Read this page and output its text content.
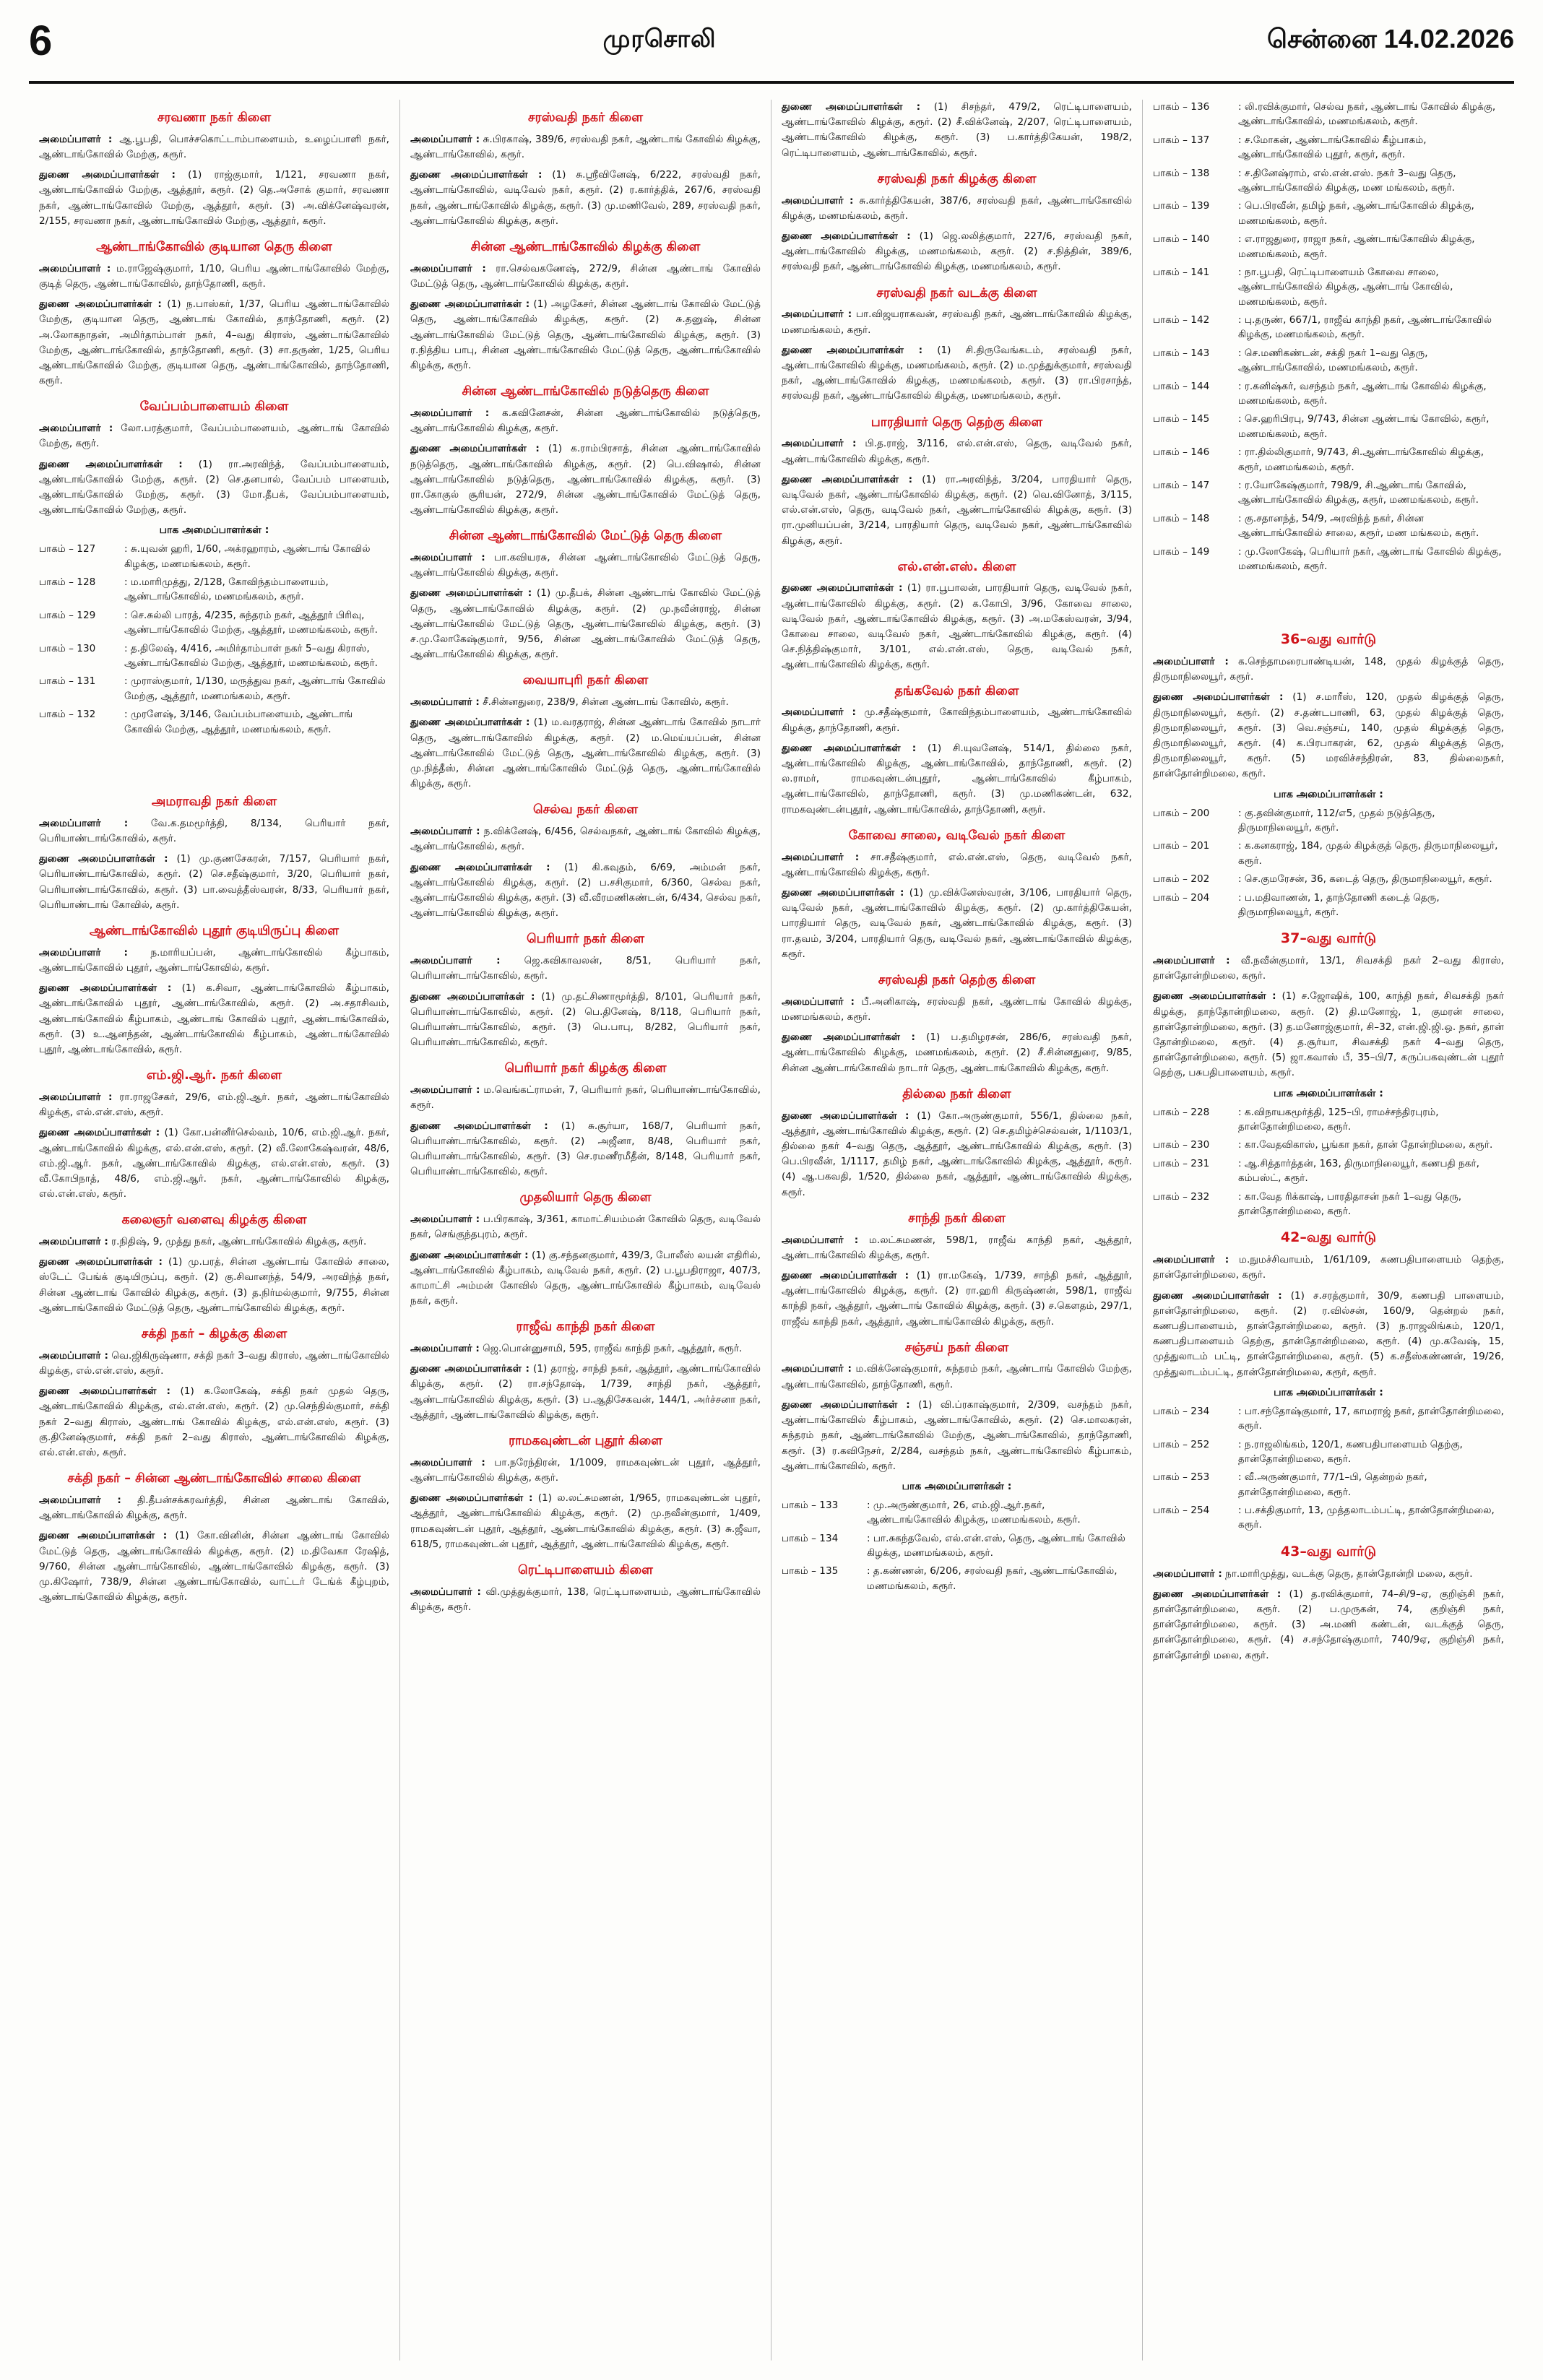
6	முரசொலி	சென்னை 14.02.2026
சரவணா நகர் கிளை

அமைப்பாளர் : ஆ.பூபதி, பொச்சகொட்டாம்பாளையம், உழைப்பாளி நகர், ஆண்டாங்கோவில் மேற்கு, கரூர்.

துணை அமைப்பாளர்கள் : (1) ராஜ்குமார், 1/121, சரவணா நகர், ஆண்டாங்கோவில் மேற்கு, ஆத்தூர், கரூர். (2) தெ.அசோக் குமார், சரவணா நகர், ஆண்டாங்கோவில் மேற்கு, ஆத்தூர், கரூர். (3) அ.விக்னேஷ்வரன், 2/155, சரவணா நகர், ஆண்டாங்கோவில் மேற்கு, ஆத்தூர், கரூர்.

ஆண்டாங்கோவில் குடியான தெரு கிளை

அமைப்பாளர் : ம.ராஜேஷ்குமார், 1/10, பெரிய ஆண்டாங்கோவில் மேற்கு, குடித் தெரு, ஆண்டாங்கோவில், தாந்தோணி, கரூர்.

துணை அமைப்பாளர்கள் : (1) ந.பாஸ்கர், 1/37, பெரிய ஆண்டாங்கோவில் மேற்கு, குடியான தெரு, ஆண்டாங் கோவில், தாந்தோணி, கரூர். (2) அ.லோகநாதன், அமிர்தாம்பாள் நகர், 4–வது கிராஸ், ஆண்டாங்கோவில் மேற்கு, ஆண்டாங்கோவில், தாந்தோணி, கரூர். (3) சா.தருண், 1/25, பெரிய ஆண்டாங்கோவில் மேற்கு, குடியான தெரு, ஆண்டாங்கோவில், தாந்தோணி, கரூர்.

வேப்பம்பாளையம் கிளை

அமைப்பாளர் : லோ.பரத்குமார், வேப்பம்பாளையம், ஆண்டாங் கோவில் மேற்கு, கரூர்.

துணை அமைப்பாளர்கள் : (1) ரா.அரவிந்த், வேப்பம்பாளையம், ஆண்டாங்கோவில் மேற்கு, கரூர். (2) செ.தனபால், வேப்பம் பாளையம், ஆண்டாங்கோவில் மேற்கு, கரூர். (3) மோ.தீபக், வேப்பம்பாளையம், ஆண்டாங்கோவில் மேற்கு, கரூர்.

பாக அமைப்பாளர்கள் :
பாகம் – 127	: சு.யுவன் ஹரி, 1/60, அக்ரஹாரம், ஆண்டாங் கோவில் கிழக்கு, மணமங்கலம், கரூர்.
பாகம் – 128	: ம.மாரிமுத்து, 2/128, கோவிந்தம்பாளையம், ஆண்டாங்கோவில், மணமங்கலம், கரூர்.
பாகம் – 129	: செ.சுல்லி பாரத், 4/235, சுந்தரம் நகர், ஆத்தூர் பிரிவு, ஆண்டாங்கோவில் மேற்கு, ஆத்தூர், மணமங்கலம், கரூர்.
பாகம் – 130	: த.திலேஷ், 4/416, அமிர்தாம்பாள் நகர் 5–வது கிராஸ், ஆண்டாங்கோவில் மேற்கு, ஆத்தூர், மணமங்கலம், கரூர்.
பாகம் – 131	: முராஸ்குமார், 1/130, மருத்துவ நகர், ஆண்டாங் கோவில் மேற்கு, ஆத்தூர், மணமங்கலம், கரூர்.
பாகம் – 132	: முரளேஷ், 3/146, வேப்பம்பாளையம், ஆண்டாங் கோவில் மேற்கு, ஆத்தூர், மணமங்கலம், கரூர்.
அமராவதி நகர் கிளை

அமைப்பாளர் : வே.க.தமமூர்த்தி, 8/134, பெரியார் நகர், பெரியாண்டாங்கோவில், கரூர்.

துணை அமைப்பாளர்கள் : (1) மு.குணசேகரன், 7/157, பெரியார் நகர், பெரியாண்டாங்கோவில், கரூர். (2) செ.சதீஷ்குமார், 3/20, பெரியார் நகர், பெரியாண்டாங்கோவில், கரூர். (3) பா.வைத்தீஸ்வரன், 8/33, பெரியார் நகர், பெரியாண்டாங் கோவில், கரூர்.

ஆண்டாங்கோவில் புதூர் குடியிருப்பு கிளை

அமைப்பாளர் : ந.மாரியப்பன், ஆண்டாங்கோவில் கீழ்பாகம், ஆண்டாங்கோவில் புதூர், ஆண்டாங்கோவில், கரூர்.

துணை அமைப்பாளர்கள் : (1) க.சிவா, ஆண்டாங்கோவில் கீழ்பாகம், ஆண்டாங்கோவில் புதூர், ஆண்டாங்கோவில், கரூர். (2) அ.சதாசிவம், ஆண்டாங்கோவில் கீழ்பாகம், ஆண்டாங் கோவில் புதூர், ஆண்டாங்கோவில், கரூர். (3) உ.ஆனந்தன், ஆண்டாங்கோவில் கீழ்பாகம், ஆண்டாங்கோவில் புதூர், ஆண்டாங்கோவில், கரூர்.

எம்.ஜி.ஆர். நகர் கிளை

அமைப்பாளர் : ரா.ராஜசேகர், 29/6, எம்.ஜி.ஆர். நகர், ஆண்டாங்கோவில் கிழக்கு, எல்.என்.எஸ், கரூர்.

துணை அமைப்பாளர்கள் : (1) கோ.பன்னீர்செல்வம், 10/6, எம்.ஜி.ஆர். நகர், ஆண்டாங்கோவில் கிழக்கு, எல்.என்.எஸ், கரூர். (2) வீ.லோகேஷ்வரன், 48/6, எம்.ஜி.ஆர். நகர், ஆண்டாங்கோவில் கிழக்கு, எல்.என்.எஸ், கரூர். (3) வீ.கோபிநாத், 48/6, எம்.ஜி.ஆர். நகர், ஆண்டாங்கோவில் கிழக்கு, எல்.என்.எஸ், கரூர்.

கலைஞர் வளைவு கிழக்கு கிளை

அமைப்பாளர் : ர.நிதிஷ், 9, முத்து நகர், ஆண்டாங்கோவில் கிழக்கு, கரூர்.

துணை அமைப்பாளர்கள் : (1) மு.பரத், சின்ன ஆண்டாங் கோவில் சாலை, ஸ்டேட் பேங்க் குடியிருப்பு, கரூர். (2) கு.சிவானந்த், 54/9, அரவிந்த் நகர், சின்ன ஆண்டாங் கோவில் கிழக்கு, கரூர். (3) த.நிர்மல்குமார், 9/755, சின்ன ஆண்டாங்கோவில் மேட்டுத் தெரு, ஆண்டாங்கோவில் கிழக்கு, கரூர்.

சக்தி நகர் – கிழக்கு கிளை

அமைப்பாளர் : வெ.ஜிகிருஷ்ணா, சக்தி நகர் 3–வது கிராஸ், ஆண்டாங்கோவில் கிழக்கு, எல்.என்.எஸ், கரூர்.

துணை அமைப்பாளர்கள் : (1) க.லோகேஷ், சக்தி நகர் முதல் தெரு, ஆண்டாங்கோவில் கிழக்கு, எல்.என்.எஸ், கரூர். (2) மு.செந்தில்குமார், சக்தி நகர் 2–வது கிராஸ், ஆண்டாங் கோவில் கிழக்கு, எல்.என்.எஸ், கரூர். (3) கு.தினேஷ்குமார், சக்தி நகர் 2–வது கிராஸ், ஆண்டாங்கோவில் கிழக்கு, எல்.என்.எஸ், கரூர்.

சக்தி நகர் – சின்ன ஆண்டாங்கோவில் சாலை கிளை

அமைப்பாளர் : தி.தீபன்சக்கரவர்த்தி, சின்ன ஆண்டாங் கோவில், ஆண்டாங்கோவில் கிழக்கு, கரூர்.

துணை அமைப்பாளர்கள் : (1) கோ.வினின், சின்ன ஆண்டாங் கோவில் மேட்டுத் தெரு, ஆண்டாங்கோவில் கிழக்கு, கரூர். (2) ம.திவேகா ரேஷித், 9/760, சின்ன ஆண்டாங்கோவில், ஆண்டாங்கோவில் கிழக்கு, கரூர். (3) மு.கிஷோர், 738/9, சின்ன ஆண்டாங்கோவில், வாட்டர் டேங்க் கீழ்புறம், ஆண்டாங்கோவில் கிழக்கு, கரூர்.

சரஸ்வதி நகர் கிளை

அமைப்பாளர் : சு.பிரகாஷ், 389/6, சரஸ்வதி நகர், ஆண்டாங் கோவில் கிழக்கு, ஆண்டாங்கோவில், கரூர்.

துணை அமைப்பாளர்கள் : (1) சு.ஸ்ரீவினேஷ், 6/222, சரஸ்வதி நகர், ஆண்டாங்கோவில், வடிவேல் நகர், கரூர். (2) ர.கார்த்திக், 267/6, சரஸ்வதி நகர், ஆண்டாங்கோவில் கிழக்கு, கரூர். (3) மு.மணிவேல், 289, சரஸ்வதி நகர், ஆண்டாங்கோவில் கிழக்கு, கரூர்.

சின்ன ஆண்டாங்கோவில் கிழக்கு கிளை

அமைப்பாளர் : ரா.செல்வகணேஷ், 272/9, சின்ன ஆண்டாங் கோவில் மேட்டுத் தெரு, ஆண்டாங்கோவில் கிழக்கு, கரூர்.

துணை அமைப்பாளர்கள் : (1) அழகேசர், சின்ன ஆண்டாங் கோவில் மேட்டுத் தெரு, ஆண்டாங்கோவில் கிழக்கு, கரூர். (2) சு.தனுஷ், சின்ன ஆண்டாங்கோவில் மேட்டுத் தெரு, ஆண்டாங்கோவில் கிழக்கு, கரூர். (3) ர.நித்திய பாபு, சின்ன ஆண்டாங்கோவில் மேட்டுத் தெரு, ஆண்டாங்கோவில் கிழக்கு, கரூர்.

சின்ன ஆண்டாங்கோவில் நடுத்தெரு கிளை

அமைப்பாளர் : க.கவினேசன், சின்ன ஆண்டாங்கோவில் நடுத்தெரு, ஆண்டாங்கோவில் கிழக்கு, கரூர்.

துணை அமைப்பாளர்கள் : (1) க.ராம்பிரசாத், சின்ன ஆண்டாங்கோவில் நடுத்தெரு, ஆண்டாங்கோவில் கிழக்கு, கரூர். (2) பெ.விஷால், சின்ன ஆண்டாங்கோவில் நடுத்தெரு, ஆண்டாங்கோவில் கிழக்கு, கரூர். (3) ரா.கோகுல் சூரியன், 272/9, சின்ன ஆண்டாங்கோவில் மேட்டுத் தெரு, ஆண்டாங்கோவில் கிழக்கு, கரூர்.

சின்ன ஆண்டாங்கோவில் மேட்டுத் தெரு கிளை

அமைப்பாளர் : பா.கவியரசு, சின்ன ஆண்டாங்கோவில் மேட்டுத் தெரு, ஆண்டாங்கோவில் கிழக்கு, கரூர்.

துணை அமைப்பாளர்கள் : (1) மு.தீபக், சின்ன ஆண்டாங் கோவில் மேட்டுத் தெரு, ஆண்டாங்கோவில் கிழக்கு, கரூர். (2) மு.நவீன்ராஜ், சின்ன ஆண்டாங்கோவில் மேட்டுத் தெரு, ஆண்டாங்கோவில் கிழக்கு, கரூர். (3) ச.மு.லோகேஷ்குமார், 9/56, சின்ன ஆண்டாங்கோவில் மேட்டுத் தெரு, ஆண்டாங்கோவில் கிழக்கு, கரூர்.

வையாபுரி நகர் கிளை

அமைப்பாளர் : சீ.சின்னதுரை, 238/9, சின்ன ஆண்டாங் கோவில், கரூர்.

துணை அமைப்பாளர்கள் : (1) ம.வரதராஜ், சின்ன ஆண்டாங் கோவில் நாடார் தெரு, ஆண்டாங்கோவில் கிழக்கு, கரூர். (2) ம.மெய்யப்பன், சின்ன ஆண்டாங்கோவில் மேட்டுத் தெரு, ஆண்டாங்கோவில் கிழக்கு, கரூர். (3) மு.நித்தீஸ், சின்ன ஆண்டாங்கோவில் மேட்டுத் தெரு, ஆண்டாங்கோவில் கிழக்கு, கரூர்.

செல்வ நகர் கிளை

அமைப்பாளர் : ந.விக்னேஷ், 6/456, செல்வநகர், ஆண்டாங் கோவில் கிழக்கு, ஆண்டாங்கோவில், கரூர்.

துணை அமைப்பாளர்கள் : (1) கி.கவுதம், 6/69, அம்மன் நகர், ஆண்டாங்கோவில் கிழக்கு, கரூர். (2) ப.சசிகுமார், 6/360, செல்வ நகர், ஆண்டாங்கோவில் கிழக்கு, கரூர். (3) வீ.வீரமணிகண்டன், 6/434, செல்வ நகர், ஆண்டாங்கோவில் கிழக்கு, கரூர்.

பெரியார் நகர் கிளை

அமைப்பாளர் : ஜெ.கவிகாவலன், 8/51, பெரியார் நகர், பெரியாண்டாங்கோவில், கரூர்.

துணை அமைப்பாளர்கள் : (1) மு.தட்சிணாமூர்த்தி, 8/101, பெரியார் நகர், பெரியாண்டாங்கோவில், கரூர். (2) பெ.தினேஷ், 8/118, பெரியார் நகர், பெரியாண்டாங்கோவில், கரூர். (3) பெ.பாபு, 8/282, பெரியார் நகர், பெரியாண்டாங்கோவில், கரூர்.

பெரியார் நகர் கிழக்கு கிளை

அமைப்பாளர் : ம.வெங்கட்ராமன், 7, பெரியார் நகர், பெரியாண்டாங்கோவில், கரூர்.

துணை அமைப்பாளர்கள் : (1) சு.சூர்யா, 168/7, பெரியார் நகர், பெரியாண்டாங்கோவில், கரூர். (2) அஜீனா, 8/48, பெரியார் நகர், பெரியாண்டாங்கோவில், கரூர். (3) செ.ரமணீரமீதீன், 8/148, பெரியார் நகர், பெரியாண்டாங்கோவில், கரூர்.

முதலியார் தெரு கிளை

அமைப்பாளர் : ப.பிரகாஷ், 3/361, காமாட்சியம்மன் கோவில் தெரு, வடிவேல் நகர், செங்குந்தபுரம், கரூர்.

துணை அமைப்பாளர்கள் : (1) கு.சந்தனகுமார், 439/3, போலீஸ் லயன் எதிரில், ஆண்டாங்கோவில் கீழ்பாகம், வடிவேல் நகர், கரூர். (2) ப.பூபதிராஜா, 407/3, காமாட்சி அம்மன் கோவில் தெரு, ஆண்டாங்கோவில் கீழ்பாகம், வடிவேல் நகர், கரூர்.

ராஜீவ் காந்தி நகர் கிளை

அமைப்பாளர் : ஜெ.பொன்னுசாமி, 595, ராஜீவ் காந்தி நகர், ஆத்தூர், கரூர்.

துணை அமைப்பாளர்கள் : (1) தராஜ், சாந்தி நகர், ஆத்தூர், ஆண்டாங்கோவில் கிழக்கு, கரூர். (2) ரா.சந்தோஷ், 1/739, சாந்தி நகர், ஆத்தூர், ஆண்டாங்கோவில் கிழக்கு, கரூர். (3) ப.ஆதிசேகவன், 144/1, அர்ச்சனா நகர், ஆத்தூர், ஆண்டாங்கோவில் கிழக்கு, கரூர்.

ராமகவுண்டன் புதூர் கிளை

அமைப்பாளர் : பா.நரேந்திரன், 1/1009, ராமகவுண்டன் புதூர், ஆத்தூர், ஆண்டாங்கோவில் கிழக்கு, கரூர்.

துணை அமைப்பாளர்கள் : (1) ல.லட்சுமணன், 1/965, ராமகவுண்டன் புதூர், ஆத்தூர், ஆண்டாங்கோவில் கிழக்கு, கரூர். (2) மு.நவீன்குமார், 1/409, ராமகவுண்டன் புதூர், ஆத்தூர், ஆண்டாங்கோவில் கிழக்கு, கரூர். (3) சு.ஜீவா, 618/5, ராமகவுண்டன் புதூர், ஆத்தூர், ஆண்டாங்கோவில் கிழக்கு, கரூர்.

ரெட்டிபாளையம் கிளை

அமைப்பாளர் : வி.முத்துக்குமார், 138, ரெட்டிபாளையம், ஆண்டாங்கோவில் கிழக்கு, கரூர்.

துணை அமைப்பாளர்கள் : (1) சிசந்தர், 479/2, ரெட்டிபாளையம், ஆண்டாங்கோவில் கிழக்கு, கரூர். (2) சீ.விக்னேஷ், 2/207, ரெட்டிபாளையம், ஆண்டாங்கோவில் கிழக்கு, கரூர். (3) ப.கார்த்திகேயன், 198/2, ரெட்டிபாளையம், ஆண்டாங்கோவில், கரூர்.

சரஸ்வதி நகர் கிழக்கு கிளை

அமைப்பாளர் : சு.கார்த்திகேயன், 387/6, சரஸ்வதி நகர், ஆண்டாங்கோவில் கிழக்கு, மணமங்கலம், கரூர்.

துணை அமைப்பாளர்கள் : (1) ஜெ.லலித்குமார், 227/6, சரஸ்வதி நகர், ஆண்டாங்கோவில் கிழக்கு, மணமங்கலம், கரூர். (2) ச.நித்தின், 389/6, சரஸ்வதி நகர், ஆண்டாங்கோவில் கிழக்கு, மணமங்கலம், கரூர்.

சரஸ்வதி நகர் வடக்கு கிளை

அமைப்பாளர் : பா.விஜயராகவன், சரஸ்வதி நகர், ஆண்டாங்கோவில் கிழக்கு, மணமங்கலம், கரூர்.

துணை அமைப்பாளர்கள் : (1) சி.திருவேங்கடம், சரஸ்வதி நகர், ஆண்டாங்கோவில் கிழக்கு, மணமங்கலம், கரூர். (2) ம.முத்துக்குமார், சரஸ்வதி நகர், ஆண்டாங்கோவில் கிழக்கு, மணமங்கலம், கரூர். (3) ரா.பிரசாந்த், சரஸ்வதி நகர், ஆண்டாங்கோவில் கிழக்கு, மணமங்கலம், கரூர்.

பாரதியார் தெரு தெற்கு கிளை

அமைப்பாளர் : பி.த.ராஜ், 3/116, எல்.என்.எஸ், தெரு, வடிவேல் நகர், ஆண்டாங்கோவில் கிழக்கு, கரூர்.

துணை அமைப்பாளர்கள் : (1) ரா.அரவிந்த், 3/204, பாரதியார் தெரு, வடிவேல் நகர், ஆண்டாங்கோவில் கிழக்கு, கரூர். (2) வெ.வினோத், 3/115, எல்.என்.எஸ், தெரு, வடிவேல் நகர், ஆண்டாங்கோவில் கிழக்கு, கரூர். (3) ரா.முனியப்பன், 3/214, பாரதியார் தெரு, வடிவேல் நகர், ஆண்டாங்கோவில் கிழக்கு, கரூர்.

எல்.என்.எஸ். கிளை

துணை அமைப்பாளர்கள் : (1) ரா.பூபாலன், பாரதியார் தெரு, வடிவேல் நகர், ஆண்டாங்கோவில் கிழக்கு, கரூர். (2) க.கோபி, 3/96, கோவை சாலை, வடிவேல் நகர், ஆண்டாங்கோவில் கிழக்கு, கரூர். (3) அ.மகேஸ்வரன், 3/94, கோவை சாலை, வடிவேல் நகர், ஆண்டாங்கோவில் கிழக்கு, கரூர். (4) செ.நித்திஷ்குமார், 3/101, எல்.என்.எஸ், தெரு, வடிவேல் நகர், ஆண்டாங்கோவில் கிழக்கு, கரூர்.

தங்கவேல் நகர் கிளை

அமைப்பாளர் : மு.சதீஷ்குமார், கோவிந்தம்பாளையம், ஆண்டாங்கோவில் கிழக்கு, தாந்தோணி, கரூர்.

துணை அமைப்பாளர்கள் : (1) சி.யுவனேஷ், 514/1, தில்லை நகர், ஆண்டாங்கோவில் கிழக்கு, ஆண்டாங்கோவில், தாந்தோணி, கரூர். (2) ல.ராமர், ராமகவுண்டன்புதூர், ஆண்டாங்கோவில் கீழ்பாகம், ஆண்டாங்கோவில், தாந்தோணி, கரூர். (3) மு.மணிகண்டன், 632, ராமகவுண்டன்புதூர், ஆண்டாங்கோவில், தாந்தோணி, கரூர்.

கோவை சாலை, வடிவேல் நகர் கிளை

அமைப்பாளர் : சா.சதீஷ்குமார், எல்.என்.எஸ், தெரு, வடிவேல் நகர், ஆண்டாங்கோவில் கிழக்கு, கரூர்.

துணை அமைப்பாளர்கள் : (1) மு.விக்னேஸ்வரன், 3/106, பாரதியார் தெரு, வடிவேல் நகர், ஆண்டாங்கோவில் கிழக்கு, கரூர். (2) மு.கார்த்திகேயன், பாரதியார் தெரு, வடிவேல் நகர், ஆண்டாங்கோவில் கிழக்கு, கரூர். (3) ரா.தவம், 3/204, பாரதியார் தெரு, வடிவேல் நகர், ஆண்டாங்கோவில் கிழக்கு, கரூர்.

சரஸ்வதி நகர் தெற்கு கிளை

அமைப்பாளர் : பீ.அனிகாஷ், சரஸ்வதி நகர், ஆண்டாங் கோவில் கிழக்கு, மணமங்கலம், கரூர்.

துணை அமைப்பாளர்கள் : (1) ப.தமிழரசன், 286/6, சரஸ்வதி நகர், ஆண்டாங்கோவில் கிழக்கு, மணமங்கலம், கரூர். (2) சீ.சின்னதுரை, 9/85, சின்ன ஆண்டாங்கோவில் நாடார் தெரு, ஆண்டாங்கோவில் கிழக்கு, கரூர்.

தில்லை நகர் கிளை

துணை அமைப்பாளர்கள் : (1) கோ.அருண்குமார், 556/1, தில்லை நகர், ஆத்தூர், ஆண்டாங்கோவில் கிழக்கு, கரூர். (2) செ.தமிழ்ச்செல்வன், 1/1103/1, தில்லை நகர் 4–வது தெரு, ஆத்தூர், ஆண்டாங்கோவில் கிழக்கு, கரூர். (3) பெ.பிரவீன், 1/1117, தமிழ் நகர், ஆண்டாங்கோவில் கிழக்கு, ஆத்தூர், கரூர். (4) ஆ.பகவதி, 1/520, தில்லை நகர், ஆத்தூர், ஆண்டாங்கோவில் கிழக்கு, கரூர்.

சாந்தி நகர் கிளை

அமைப்பாளர் : ம.லட்சுமணன், 598/1, ராஜீவ் காந்தி நகர், ஆத்தூர், ஆண்டாங்கோவில் கிழக்கு, கரூர்.

துணை அமைப்பாளர்கள் : (1) ரா.மகேஷ், 1/739, சாந்தி நகர், ஆத்தூர், ஆண்டாங்கோவில் கிழக்கு, கரூர். (2) ரா.ஹரி கிருஷ்ணன், 598/1, ராஜீவ் காந்தி நகர், ஆத்தூர், ஆண்டாங் கோவில் கிழக்கு, கரூர். (3) ச.கௌதம், 297/1, ராஜீவ் காந்தி நகர், ஆத்தூர், ஆண்டாங்கோவில் கிழக்கு, கரூர்.

சஞ்சய் நகர் கிளை

அமைப்பாளர் : ம.விக்னேஷ்குமார், சுந்தரம் நகர், ஆண்டாங் கோவில் மேற்கு, ஆண்டாங்கோவில், தாந்தோணி, கரூர்.

துணை அமைப்பாளர்கள் : (1) வி.ப்ரகாஷ்குமார், 2/309, வசந்தம் நகர், ஆண்டாங்கோவில் கீழ்பாகம், ஆண்டாங்கோவில், கரூர். (2) செ.மாலகரன், சுந்தரம் நகர், ஆண்டாங்கோவில் மேற்கு, ஆண்டாங்கோவில், தாந்தோணி, கரூர். (3) ர.கவிநேசர், 2/284, வசந்தம் நகர், ஆண்டாங்கோவில் கீழ்பாகம், ஆண்டாங்கோவில், கரூர்.

பாக அமைப்பாளர்கள் :
பாகம் – 133	: மு.அருண்குமார், 26, எம்.ஜி.ஆர்.நகர், ஆண்டாங்கோவில் கிழக்கு, மணமங்கலம், கரூர்.
பாகம் – 134	: பா.சுகந்தவேல், எல்.என்.எஸ், தெரு, ஆண்டாங் கோவில் கிழக்கு, மணமங்கலம், கரூர்.
பாகம் – 135	: த.கண்ணன், 6/206, சரஸ்வதி நகர், ஆண்டாங்கோவில், மணமங்கலம், கரூர்.
பாகம் – 136	: லி.ரவிக்குமார், செல்வ நகர், ஆண்டாங் கோவில் கிழக்கு, ஆண்டாங்கோவில், மணமங்கலம், கரூர்.
பாகம் – 137	: ச.மோகன், ஆண்டாங்கோவில் கீழ்பாகம், ஆண்டாங்கோவில் புதூர், கரூர், கரூர்.
பாகம் – 138	: ச.தினேஷ்ராம், எல்.என்.எஸ். நகர் 3–வது தெரு, ஆண்டாங்கோவில் கிழக்கு, மண மங்கலம், கரூர்.
பாகம் – 139	: பெ.பிரவீன், தமிழ் நகர், ஆண்டாங்கோவில் கிழக்கு, மணமங்கலம், கரூர்.
பாகம் – 140	: எ.ராஜதுரை, ராஜா நகர், ஆண்டாங்கோவில் கிழக்கு, மணமங்கலம், கரூர்.
பாகம் – 141	: நா.பூபதி, ரெட்டிபாளையம் கோவை சாலை, ஆண்டாங்கோவில் கிழக்கு, ஆண்டாங் கோவில், மணமங்கலம், கரூர்.
பாகம் – 142	: பு.தருண், 667/1, ராஜீவ் காந்தி நகர், ஆண்டாங்கோவில் கிழக்கு, மணமங்கலம், கரூர்.
பாகம் – 143	: செ.மணிகண்டன், சக்தி நகர் 1–வது தெரு, ஆண்டாங்கோவில், மணமங்கலம், கரூர்.
பாகம் – 144	: ர.கனிஷ்கர், வசந்தம் நகர், ஆண்டாங் கோவில் கிழக்கு, மணமங்கலம், கரூர்.
பாகம் – 145	: செ.ஹரிபிரபு, 9/743, சின்ன ஆண்டாங் கோவில், கரூர், மணமங்கலம், கரூர்.
பாகம் – 146	: ரா.தில்லிகுமார், 9/743, சி.ஆண்டாங்கோவில் கிழக்கு, கரூர், மணமங்கலம், கரூர்.
பாகம் – 147	: ர.யோகேஷ்குமார், 798/9, சி.ஆண்டாங் கோவில், ஆண்டாங்கோவில் கிழக்கு, கரூர், மணமங்கலம், கரூர்.
பாகம் – 148	: கு.சதானந்த், 54/9, அரவிந்த் நகர், சின்ன ஆண்டாங்கோவில் சாலை, கரூர், மண மங்கலம், கரூர்.
பாகம் – 149	: மு.லோகேஷ், பெரியார் நகர், ஆண்டாங் கோவில் கிழக்கு, மணமங்கலம், கரூர்.
36–வது வார்டு

அமைப்பாளர் : க.செந்தாமரைபாண்டியன், 148, முதல் கிழக்குத் தெரு, திருமாநிலையூர், கரூர்.

துணை அமைப்பாளர்கள் : (1) ச.மாரீஸ், 120, முதல் கிழக்குத் தெரு, திருமாநிலையூர், கரூர். (2) ச.தண்டபாணி, 63, முதல் கிழக்குத் தெரு, திருமாநிலையூர், கரூர். (3) வெ.சஞ்சய், 140, முதல் கிழக்குத் தெரு, திருமாநிலையூர், கரூர். (4) க.பிரபாகரன், 62, முதல் கிழக்குத் தெரு, திருமாநிலையூர், கரூர். (5) மரவிச்சந்திரன், 83, தில்லைநகர், தான்தோன்றிமலை, கரூர்.

பாக அமைப்பாளர்கள் :
பாகம் – 200	: கு.தவின்குமார், 112/எ5, முதல் நடுத்தெரு, திருமாநிலையூர், கரூர்.
பாகம் – 201	: க.கனகராஜ், 184, முதல் கிழக்குத் தெரு, திருமாநிலையூர், கரூர்.
பாகம் – 202	: செ.குமரேசன், 36, கடைத் தெரு, திருமாநிலையூர், கரூர்.
பாகம் – 204	: ப.மதிவாணன், 1, தாந்தோணி கடைத் தெரு, திருமாநிலையூர், கரூர்.
37–வது வார்டு

அமைப்பாளர் : வீ.நவீன்குமார், 13/1, சிவசக்தி நகர் 2–வது கிராஸ், தான்தோன்றிமலை, கரூர்.

துணை அமைப்பாளர்கள் : (1) ச.ஜோஷிக், 100, காந்தி நகர், சிவசக்தி நகர் கிழக்கு, தாந்தோன்றிமலை, கரூர். (2) தி.மனோஜ், 1, குமரன் சாலை, தான்தோன்றிமலை, கரூர். (3) த.மனோஜ்குமார், சி–32, என்.ஜி.ஜி.ஒ. நகர், தான் தோன்றிமலை, கரூர். (4) த.சூர்யா, சிவசக்தி நகர் 4–வது தெரு, தான்தோன்றிமலை, கரூர். (5) ஜா.கவாஸ் பீ, 35–பி/7, கருப்பகவுண்டன் புதூர் தெற்கு, பசுபதிபாளையம், கரூர்.

பாக அமைப்பாளர்கள் :
பாகம் – 228	: க.விநாயகமூர்த்தி, 125–பி, ராமச்சந்திரபுரம், தான்தோன்றிமலை, கரூர்.
பாகம் – 230	: கா.வேதவிகாஸ், பூங்கா நகர், தான் தோன்றிமலை, கரூர்.
பாகம் – 231	: ஆ.சித்தார்த்தன், 163, திருமாநிலையூர், கணபதி நகர், கம்பஸ்ட், கரூர்.
பாகம் – 232	: கா.வேத ரிக்காஷ், பாரதிதாசன் நகர் 1–வது தெரு, தான்தோன்றிமலை, கரூர்.
42–வது வார்டு

அமைப்பாளர் : ம.நுமச்சிவாயம், 1/61/109, கணபதிபாளையம் தெற்கு, தான்தோன்றிமலை, கரூர்.

துணை அமைப்பாளர்கள் : (1) ச.சரத்குமார், 30/9, கணபதி பாளையம், தான்தோன்றிமலை, கரூர். (2) ர.வில்சன், 160/9, தென்றல் நகர், கணபதிபாளையம், தான்தோன்றிமலை, கரூர். (3) ந.ராஜலிங்கம், 120/1, கணபதிபாளையம் தெற்கு, தான்தோன்றிமலை, கரூர். (4) மு.கவேஷ், 15, முத்துலாடம் பட்டி, தான்தோன்றிமலை, கரூர். (5) க.சதீஸ்கண்ணன், 19/26, முத்துலாடம்பட்டி, தான்தோன்றிமலை, கரூர், கரூர்.

பாக அமைப்பாளர்கள் :
பாகம் – 234	: பா.சந்தோஷ்குமார், 17, காமராஜ் நகர், தான்தோன்றிமலை, கரூர்.
பாகம் – 252	: ந.ராஜலிங்கம், 120/1, கணபதிபாளையம் தெற்கு, தான்தோன்றிமலை, கரூர்.
பாகம் – 253	: வீ.அருண்குமார், 77/1–பி, தென்றல் நகர், தான்தோன்றிமலை, கரூர்.
பாகம் – 254	: ப.சக்திகுமார், 13, முத்தலாடம்பட்டி, தான்தோன்றிமலை, கரூர்.
43–வது வார்டு

அமைப்பாளர் : நா.மாரிமுத்து, வடக்கு தெரு, தான்தோன்றி மலை, கரூர்.

துணை அமைப்பாளர்கள் : (1) த.ரவிக்குமார், 74–சி/9–ஏ, குறிஞ்சி நகர், தான்தோன்றிமலை, கரூர். (2) ப.முருகன், 74, குறிஞ்சி நகர், தான்தோன்றிமலை, கரூர். (3) அ.மணி கண்டன், வடக்குத் தெரு, தான்தோன்றிமலை, கரூர். (4) ச.சந்தோஷ்குமார், 740/9ஏ, குறிஞ்சி நகர், தான்தோன்றி மலை, கரூர்.
